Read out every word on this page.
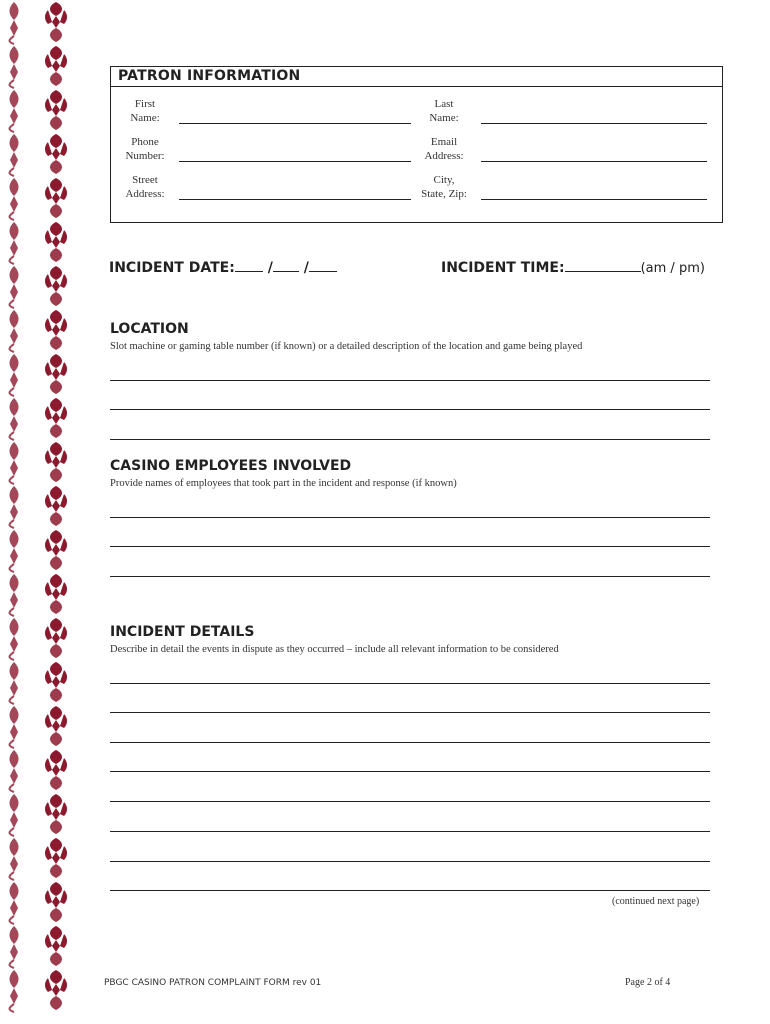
PATRON INFORMATION
First
Name:
Last
Name:
Phone
Number:
Email
Address:
Street
Address:
City,
State, Zip:
INCIDENT DATE: / /	INCIDENT TIME:	(am / pm)
LOCATION
Slot machine or gaming table number (if known) or a detailed description of the location and game being played
CASINO EMPLOYEES INVOLVED
Provide names of employees that took part in the incident and response (if known)
INCIDENT DETAILS
Describe in detail the events in dispute as they occurred – include all relevant information to be considered
(continued next page)
PBGC CASINO PATRON COMPLAINT FORM rev 01	Page 2 of 4
